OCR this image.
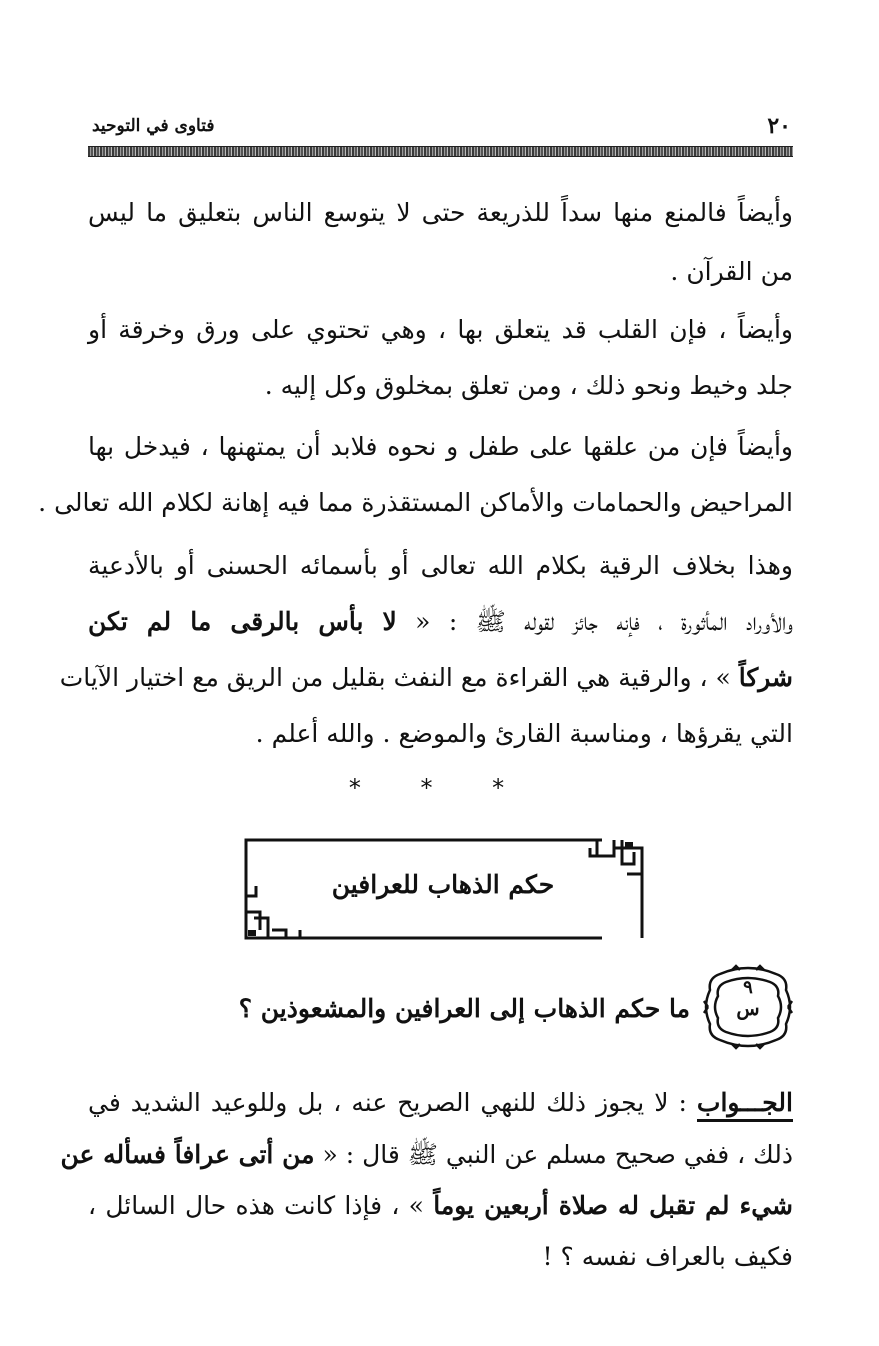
٢٠
فتاوى في التوحيد
وأيضاً فالمنع منها سداً للذريعة حتى لا يتوسع الناس بتعليق ما ليس
من القرآن .
وأيضاً ، فإن القلب قد يتعلق بها ، وهي تحتوي على ورق وخرقة أو
جلد وخيط ونحو ذلك ، ومن تعلق بمخلوق وكل إليه .
وأيضاً فإن من علقها على طفل و نحوه فلابد أن يمتهنها ، فيدخل بها
المراحيض والحمامات والأماكن المستقذرة مما فيه إهانة لكلام الله تعالى .
وهذا بخلاف الرقية بكلام الله تعالى أو بأسمائه الحسنى أو بالأدعية
والأوراد المأثورة ، فإنه جائز لقوله ﷺ : « لا بأس بالرقى ما لم تكن
شركاً » ، والرقية هي القراءة مع النفث بقليل من الريق مع اختيار الآيات
التي يقرؤها ، ومناسبة القارئ والموضع . والله أعلم .
* * *
حكم الذهاب للعرافين
٩
س
ما حكم الذهاب إلى العرافين والمشعوذين ؟
الجـــواب : لا يجوز ذلك للنهي الصريح عنه ، بل وللوعيد الشديد في
ذلك ، ففي صحيح مسلم عن النبي ﷺ قال : « من أتى عرافاً فسأله عن
شيء لم تقبل له صلاة أربعين يوماً » ، فإذا كانت هذه حال السائل ،
فكيف بالعراف نفسه ؟ !
